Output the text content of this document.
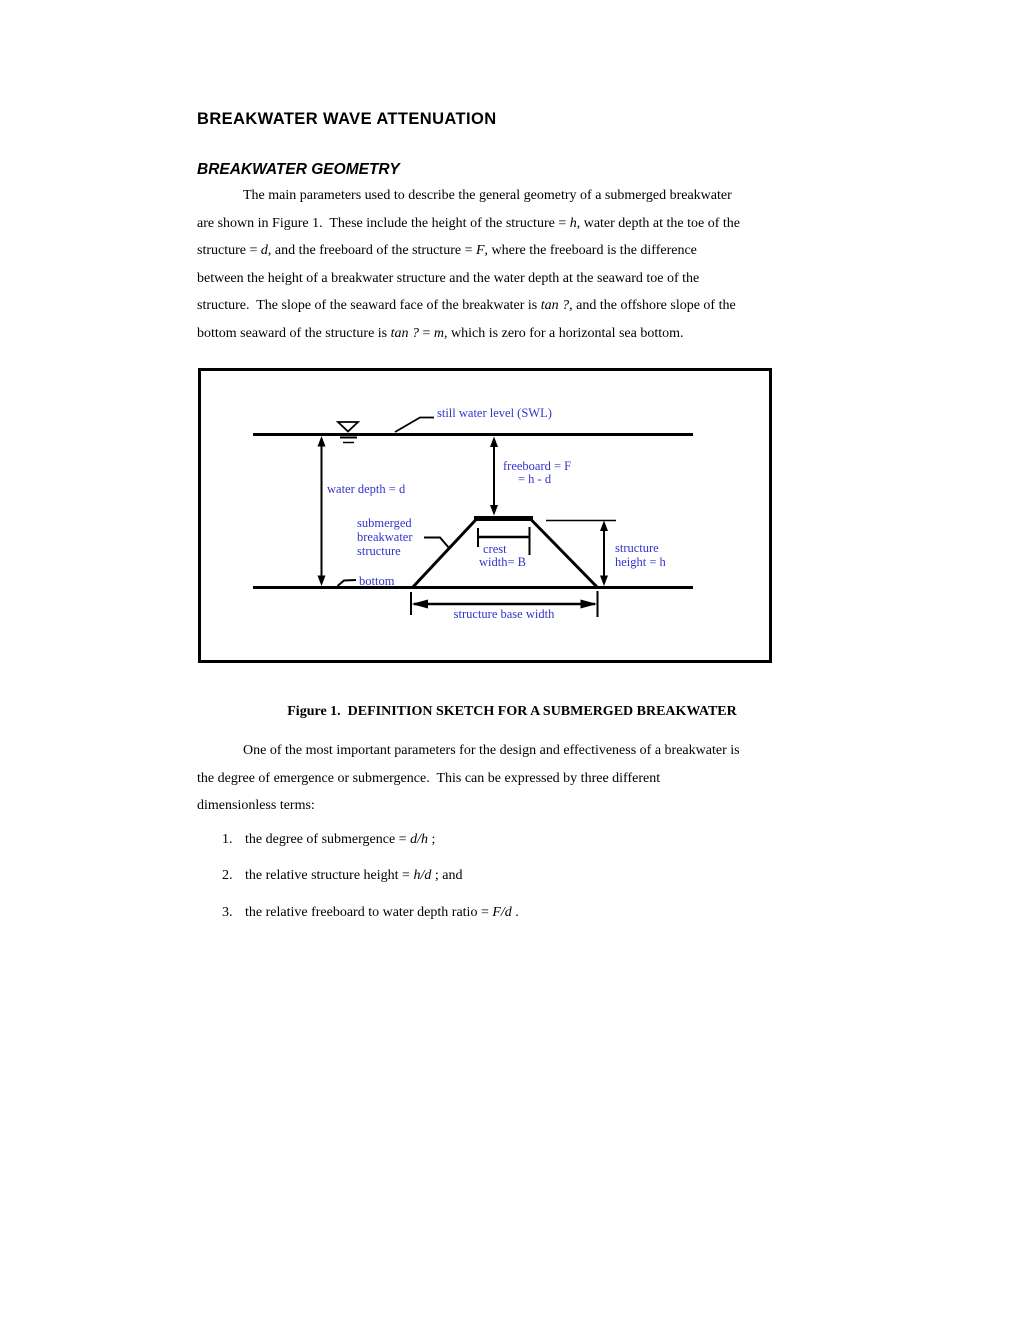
BREAKWATER WAVE ATTENUATION
BREAKWATER GEOMETRY
The main parameters used to describe the general geometry of a submerged breakwater
are shown in Figure 1.  These include the height of the structure = h, water depth at the toe of the
structure = d, and the freeboard of the structure = F, where the freeboard is the difference
between the height of a breakwater structure and the water depth at the seaward toe of the
structure.  The slope of the seaward face of the breakwater is tan ?, and the offshore slope of the
bottom seaward of the structure is tan ? = m, which is zero for a horizontal sea bottom.
still water level (SWL)
water depth = d
freeboard = F
= h - d
crest
width= B
structure
height = h
submerged
breakwater
structure
bottom
structure base width
Figure 1.  DEFINITION SKETCH FOR A SUBMERGED BREAKWATER
One of the most important parameters for the design and effectiveness of a breakwater is
the degree of emergence or submergence.  This can be expressed by three different
dimensionless terms:
1. the degree of submergence = d/h ;
2. the relative structure height = h/d ; and
3. the relative freeboard to water depth ratio = F/d .
